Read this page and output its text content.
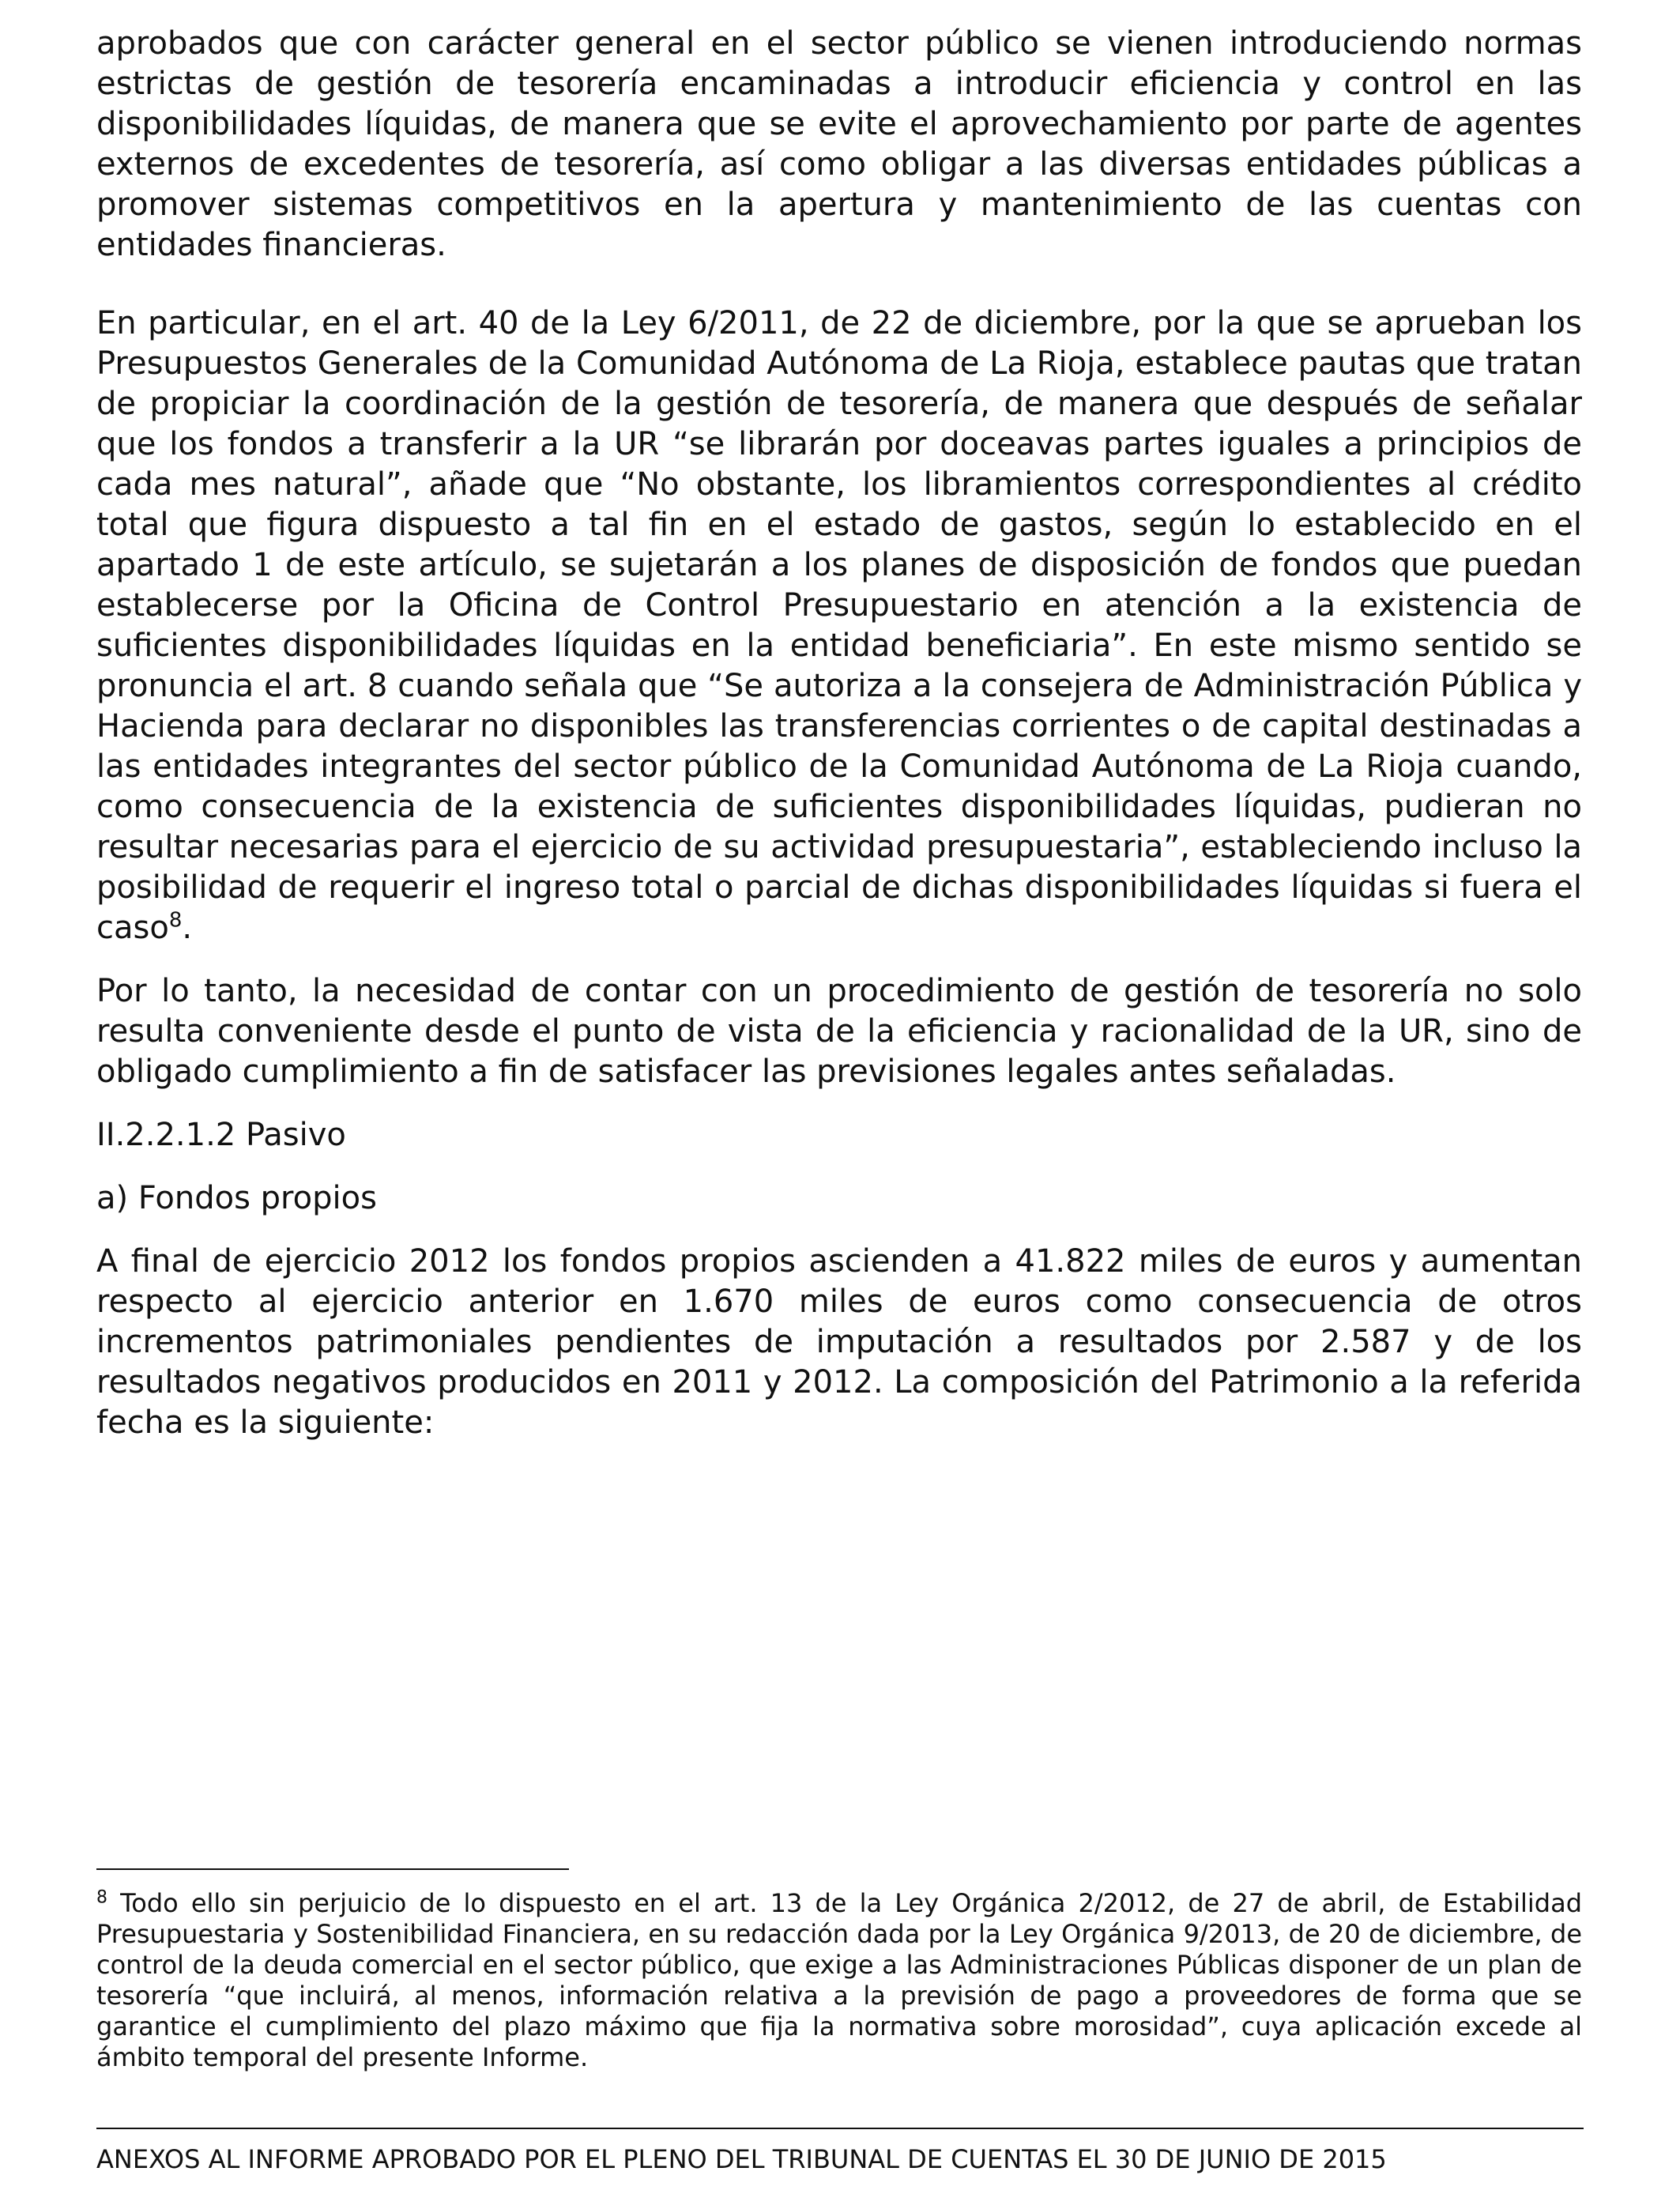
aprobados que con carácter general en el sector público se vienen introduciendo normas estrictas de gestión de tesorería encaminadas a introducir eficiencia y control en las disponibilidades líquidas, de manera que se evite el aprovechamiento por parte de agentes externos de excedentes de tesorería, así como obligar a las diversas entidades públicas a promover sistemas competitivos en la apertura y mantenimiento de las cuentas con entidades financieras.

En particular, en el art. 40 de la Ley 6/2011, de 22 de diciembre, por la que se aprueban los Presupuestos Generales de la Comunidad Autónoma de La Rioja, establece pautas que tratan de propiciar la coordinación de la gestión de tesorería, de manera que después de señalar que los fondos a transferir a la UR “se librarán por doceavas partes iguales a principios de cada mes natural”, añade que “No obstante, los libramientos correspondientes al crédito total que figura dispuesto a tal fin en el estado de gastos, según lo establecido en el apartado 1 de este artículo, se sujetarán a los planes de disposición de fondos que puedan establecerse por la Oficina de Control Presupuestario en atención a la existencia de suficientes disponibilidades líquidas en la entidad beneficiaria”. En este mismo sentido se pronuncia el art. 8 cuando señala que “Se autoriza a la consejera de Administración Pública y Hacienda para declarar no disponibles las transferencias corrientes o de capital destinadas a las entidades integrantes del sector público de la Comunidad Autónoma de La Rioja cuando, como consecuencia de la existencia de suficientes disponibilidades líquidas, pudieran no resultar necesarias para el ejercicio de su actividad presupuestaria”, estableciendo incluso la posibilidad de requerir el ingreso total o parcial de dichas disponibilidades líquidas si fuera el caso$^8$.

Por lo tanto, la necesidad de contar con un procedimiento de gestión de tesorería no solo resulta conveniente desde el punto de vista de la eficiencia y racionalidad de la UR, sino de obligado cumplimiento a fin de satisfacer las previsiones legales antes señaladas.

II.2.2.1.2 Pasivo

a) Fondos propios

A final de ejercicio 2012 los fondos propios ascienden a 41.822 miles de euros y aumentan respecto al ejercicio anterior en 1.670 miles de euros como consecuencia de otros incrementos patrimoniales pendientes de imputación a resultados por 2.587 y de los resultados negativos producidos en 2011 y 2012. La composición del Patrimonio a la referida fecha es la siguiente:

$^8$ Todo ello sin perjuicio de lo dispuesto en el art. 13 de la Ley Orgánica 2/2012, de 27 de abril, de Estabilidad Presupuestaria y Sostenibilidad Financiera, en su redacción dada por la Ley Orgánica 9/2013, de 20 de diciembre, de control de la deuda comercial en el sector público, que exige a las Administraciones Públicas disponer de un plan de tesorería “que incluirá, al menos, información relativa a la previsión de pago a proveedores de forma que se garantice el cumplimiento del plazo máximo que fija la normativa sobre morosidad”, cuya aplicación excede al ámbito temporal del presente Informe.

ANEXOS AL INFORME APROBADO POR EL PLENO DEL TRIBUNAL DE CUENTAS EL 30 DE JUNIO DE 2015
